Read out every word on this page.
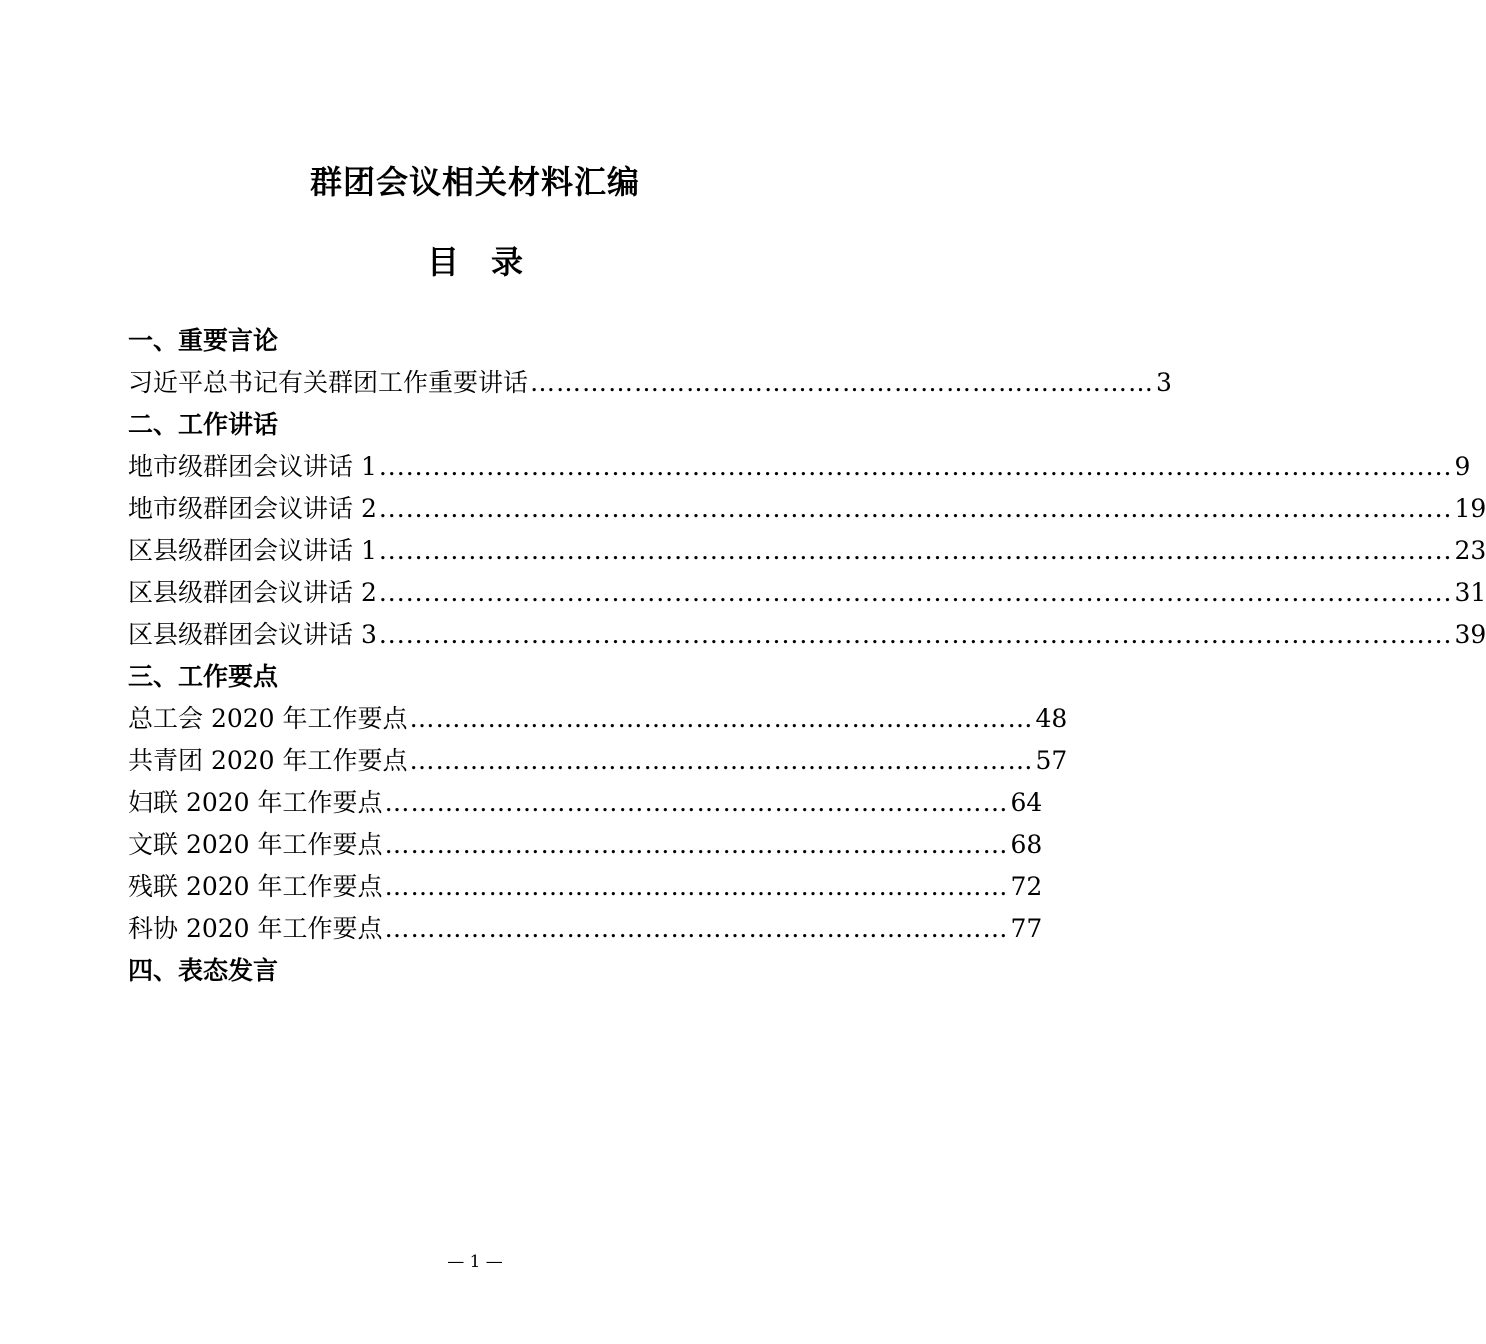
群团会议相关材料汇编
目　录
一、重要言论
习近平总书记有关群团工作重要讲话 ……………………………………………………………… 3
二、工作讲话
地市级群团会议讲话 1 ........................................................................................................................ 9
地市级群团会议讲话 2 ........................................................................................................................ 19
区县级群团会议讲话 1 ........................................................................................................................ 23
区县级群团会议讲话 2 ........................................................................................................................ 31
区县级群团会议讲话 3 ........................................................................................................................ 39
三、工作要点
总工会 2020 年工作要点 ……………………………………………………………… 48
共青团 2020 年工作要点 ……………………………………………………………… 57
妇联 2020 年工作要点 ……………………………………………………………… 64
文联 2020 年工作要点 ……………………………………………………………… 68
残联 2020 年工作要点 ……………………………………………………………… 72
科协 2020 年工作要点 ……………………………………………………………… 77
四、表态发言
— 1 —
